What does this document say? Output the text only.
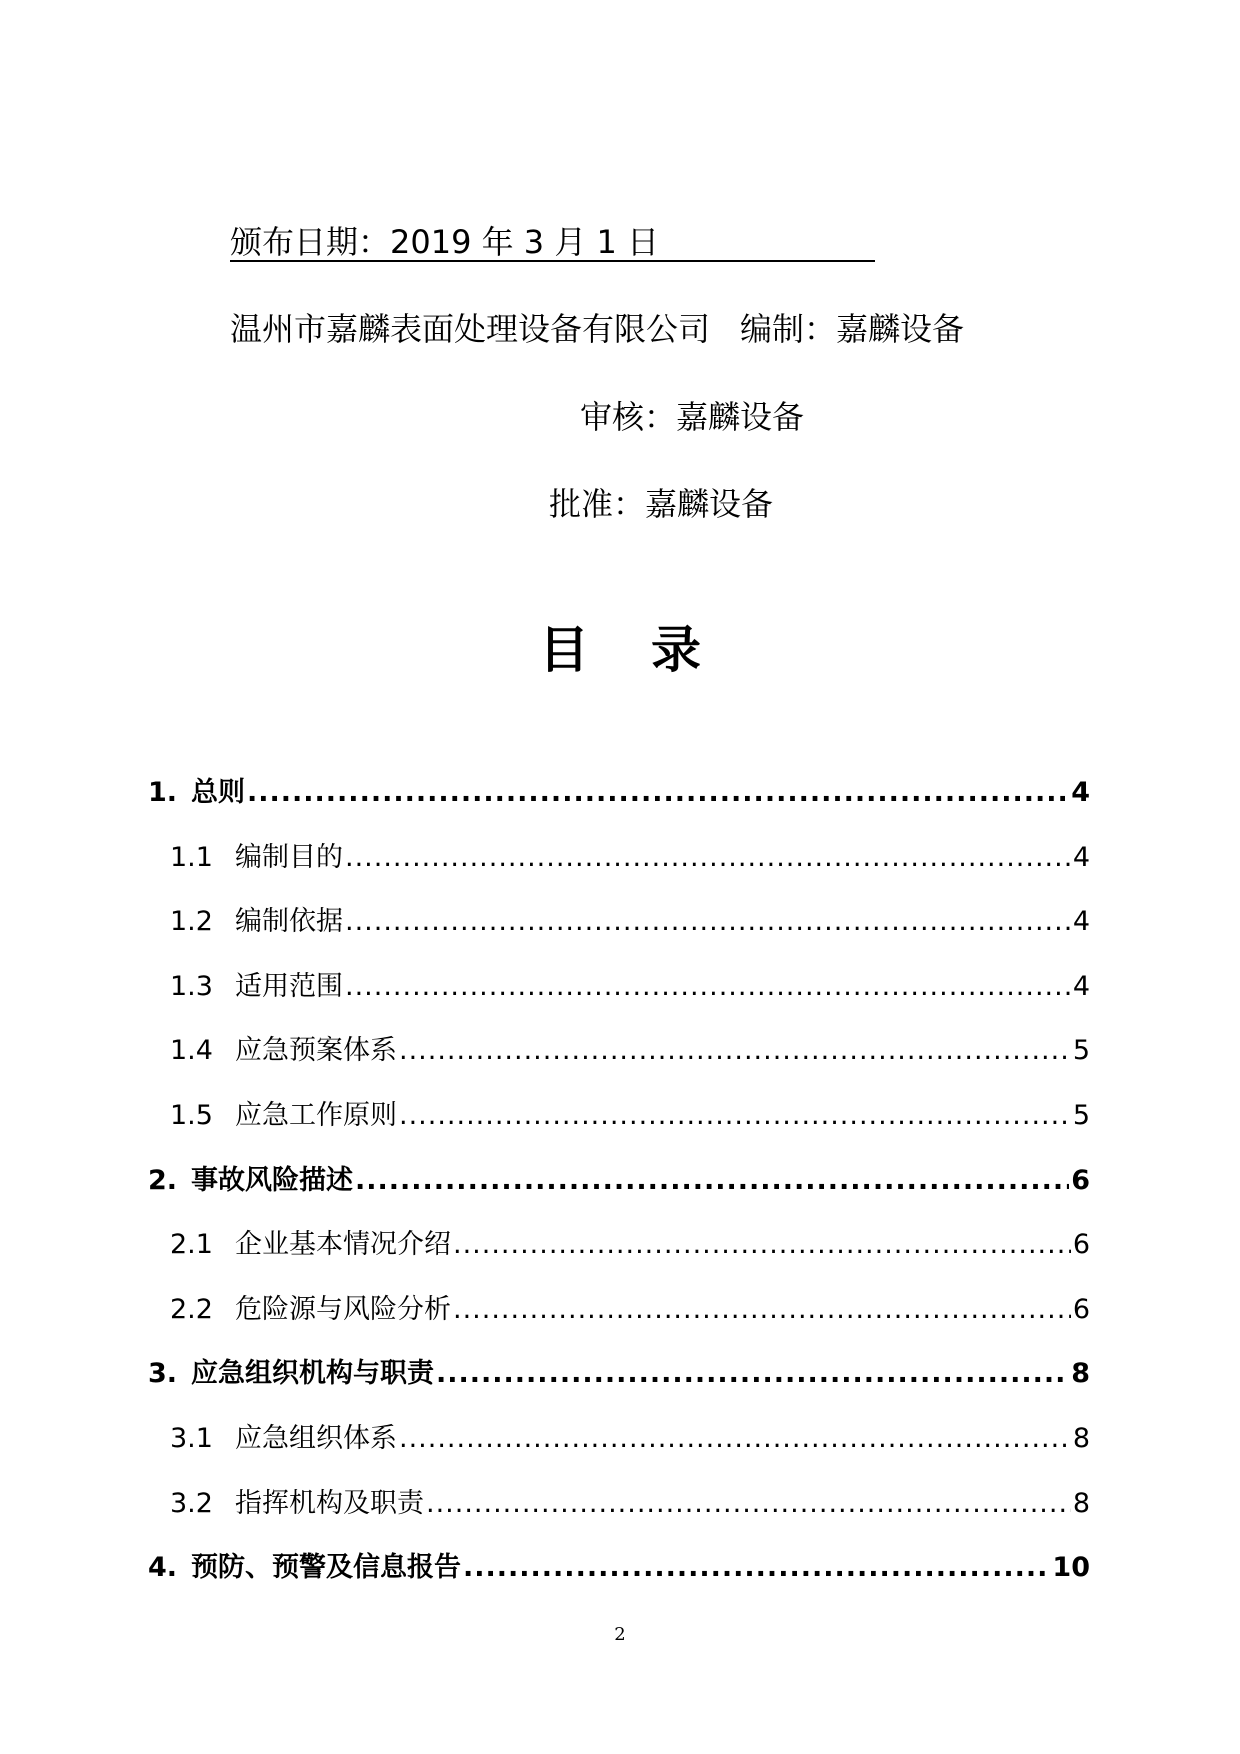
颁布日期：2019 年 3 月 1 日
温州市嘉麟表面处理设备有限公司 编制：嘉麟设备
审核：嘉麟设备
批准：嘉麟设备
目录
1. 总则 .....	4
1.1 编制目的 .....	4
1.2 编制依据 .....	4
1.3 适用范围 .....	4
1.4 应急预案体系 .....	5
1.5 应急工作原则 .....	5
2. 事故风险描述 .....	6
2.1 企业基本情况介绍 .....	6
2.2 危险源与风险分析 .....	6
3. 应急组织机构与职责 .....	8
3.1 应急组织体系 .....	8
3.2 指挥机构及职责 .....	8
4. 预防、预警及信息报告 .....	10
2
